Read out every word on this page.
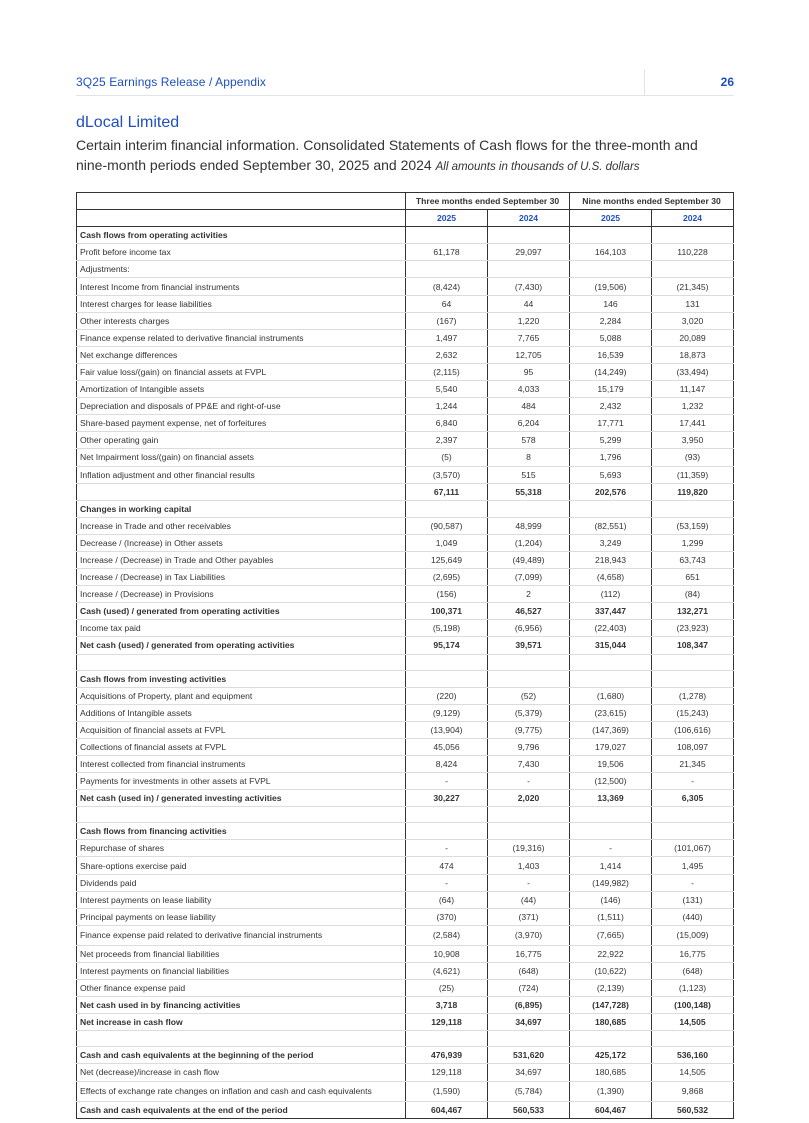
3Q25 Earnings Release / Appendix	26
dLocal Limited
Certain interim financial information. Consolidated Statements of Cash flows for the three-month and nine-month periods ended September 30, 2025 and 2024 All amounts in thousands of U.S. dollars
	Three months ended September 30		Nine months ended September 30	
	2025	2024	2025	2024
Cash flows from operating activities				
Profit before income tax	61,178	29,097	164,103	110,228
Adjustments:				
Interest Income from financial instruments	(8,424)	(7,430)	(19,506)	(21,345)
Interest charges for lease liabilities	64	44	146	131
Other interests charges	(167)	1,220	2,284	3,020
Finance expense related to derivative financial instruments	1,497	7,765	5,088	20,089
Net exchange differences	2,632	12,705	16,539	18,873
Fair value loss/(gain) on financial assets at FVPL	(2,115)	95	(14,249)	(33,494)
Amortization of Intangible assets	5,540	4,033	15,179	11,147
Depreciation and disposals of PP&E and right-of-use	1,244	484	2,432	1,232
Share-based payment expense, net of forfeitures	6,840	6,204	17,771	17,441
Other operating gain	2,397	578	5,299	3,950
Net Impairment loss/(gain) on financial assets	(5)	8	1,796	(93)
Inflation adjustment and other financial results	(3,570)	515	5,693	(11,359)
	67,111	55,318	202,576	119,820
Changes in working capital				
Increase in Trade and other receivables	(90,587)	48,999	(82,551)	(53,159)
Decrease / (Increase) in Other assets	1,049	(1,204)	3,249	1,299
Increase / (Decrease) in Trade and Other payables	125,649	(49,489)	218,943	63,743
Increase / (Decrease) in Tax Liabilities	(2,695)	(7,099)	(4,658)	651
Increase / (Decrease) in Provisions	(156)	2	(112)	(84)
Cash (used) / generated from operating activities	100,371	46,527	337,447	132,271
Income tax paid	(5,198)	(6,956)	(22,403)	(23,923)
Net cash (used) / generated from operating activities	95,174	39,571	315,044	108,347

Cash flows from investing activities				
Acquisitions of Property, plant and equipment	(220)	(52)	(1,680)	(1,278)
Additions of Intangible assets	(9,129)	(5,379)	(23,615)	(15,243)
Acquisition of financial assets at FVPL	(13,904)	(9,775)	(147,369)	(106,616)
Collections of financial assets at FVPL	45,056	9,796	179,027	108,097
Interest collected from financial instruments	8,424	7,430	19,506	21,345
Payments for investments in other assets at FVPL	-	-	(12,500)	-
Net cash (used in) / generated investing activities	30,227	2,020	13,369	6,305

Cash flows from financing activities				
Repurchase of shares	-	(19,316)	-	(101,067)
Share-options exercise paid	474	1,403	1,414	1,495
Dividends paid	-	-	(149,982)	-
Interest payments on lease liability	(64)	(44)	(146)	(131)
Principal payments on lease liability	(370)	(371)	(1,511)	(440)
Finance expense paid related to derivative financial instruments	(2,584)	(3,970)	(7,665)	(15,009)
Net proceeds from financial liabilities	10,908	16,775	22,922	16,775
Interest payments on financial liabilities	(4,621)	(648)	(10,622)	(648)
Other finance expense paid	(25)	(724)	(2,139)	(1,123)
Net cash used in by financing activities	3,718	(6,895)	(147,728)	(100,148)
Net increase in cash flow	129,118	34,697	180,685	14,505

Cash and cash equivalents at the beginning of the period	476,939	531,620	425,172	536,160
Net (decrease)/increase in cash flow	129,118	34,697	180,685	14,505
Effects of exchange rate changes on inflation and cash and cash equivalents	(1,590)	(5,784)	(1,390)	9,868
Cash and cash equivalents at the end of the period	604,467	560,533	604,467	560,532
